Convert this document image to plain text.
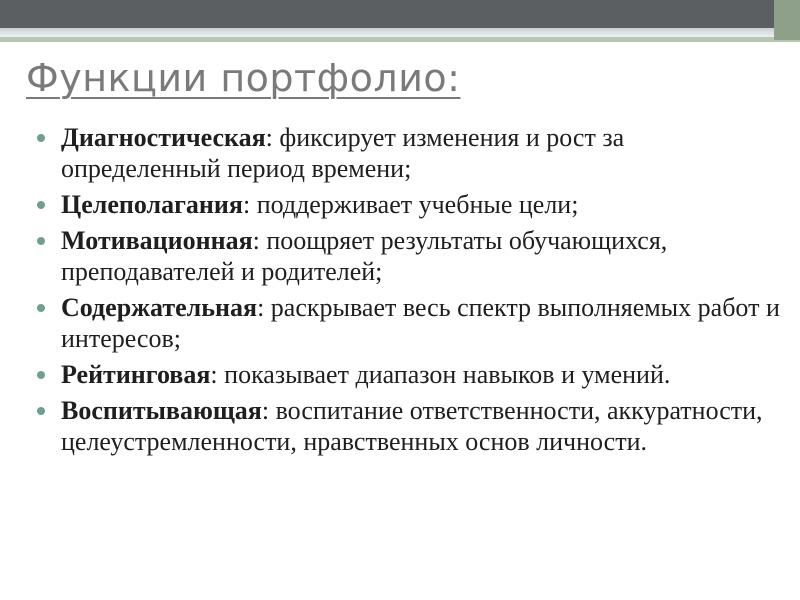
Функции портфолио:
Диагностическая: фиксирует изменения и рост за определенный период времени;
Целеполагания: поддерживает учебные цели;
Мотивационная: поощряет результаты обучающихся, преподавателей и родителей;
Содержательная: раскрывает весь спектр выполняемых работ и интересов;
Рейтинговая: показывает диапазон навыков и умений.
Воспитывающая: воспитание ответственности, аккуратности, целеустремленности, нравственных основ личности.
